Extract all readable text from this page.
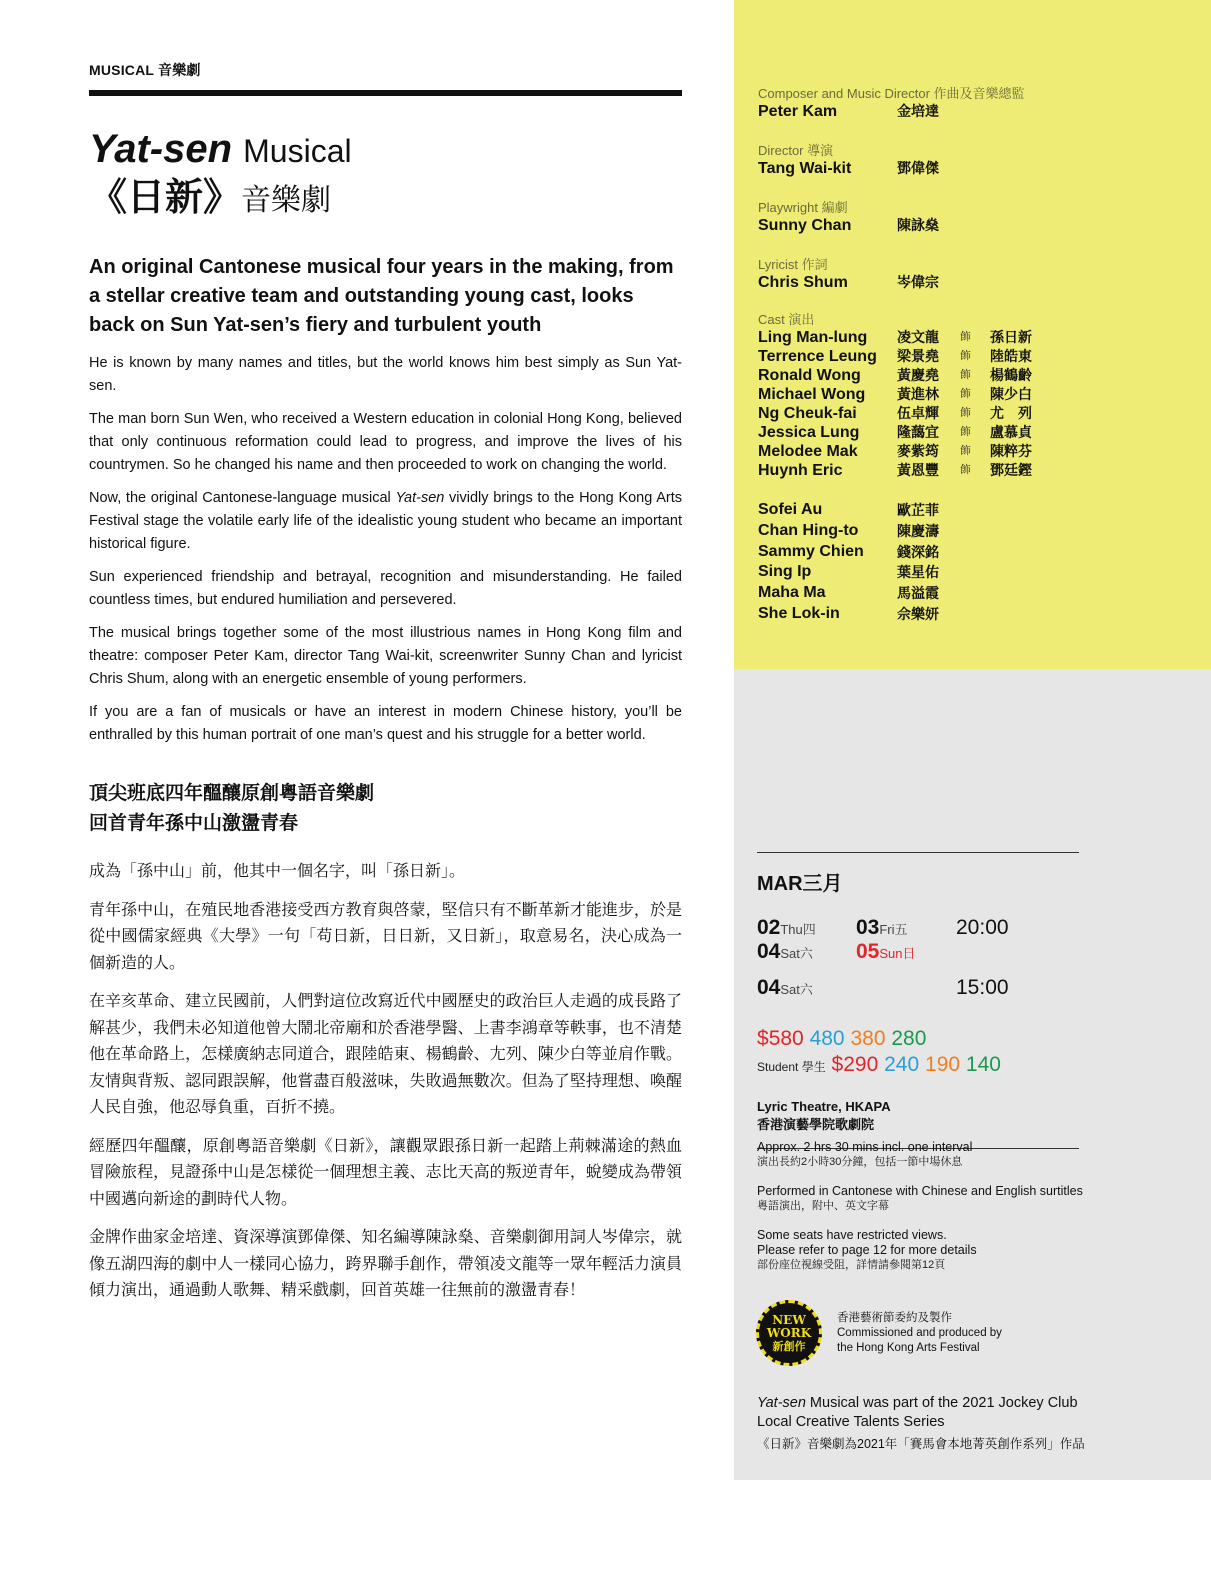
MUSICAL 音樂劇
Yat-sen Musical
《日新》音樂劇
An original Cantonese musical four years in the making, from a stellar creative team and outstanding young cast, looks back on Sun Yat-sen’s fiery and turbulent youth

He is known by many names and titles, but the world knows him best simply as Sun Yat-sen.

The man born Sun Wen, who received a Western education in colonial Hong Kong, believed that only continuous reformation could lead to progress, and improve the lives of his countrymen. So he changed his name and then proceeded to work on changing the world.

Now, the original Cantonese-language musical Yat-sen vividly brings to the Hong Kong Arts Festival stage the volatile early life of the idealistic young student who became an important historical figure.

Sun experienced friendship and betrayal, recognition and misunderstanding. He failed countless times, but endured humiliation and persevered.

The musical brings together some of the most illustrious names in Hong Kong film and theatre: composer Peter Kam, director Tang Wai-kit, screenwriter Sunny Chan and lyricist Chris Shum, along with an energetic ensemble of young performers.

If you are a fan of musicals or have an interest in modern Chinese history, you’ll be enthralled by this human portrait of one man’s quest and his struggle for a better world.

頂尖班底四年醞釀原創粵語音樂劇
回首青年孫中山激盪青春

成為「孫中山」前，他其中一個名字，叫「孫日新」。

青年孫中山，在殖民地香港接受西方教育與啓蒙，堅信只有不斷革新才能進步，於是從中國儒家經典《大學》一句「苟日新，日日新，又日新」，取意易名，決心成為一個新造的人。

在辛亥革命、建立民國前，人們對這位改寫近代中國歷史的政治巨人走過的成長路了解甚少，我們未必知道他曾大鬧北帝廟和於香港學醫、上書李鴻章等軼事，也不清楚他在革命路上，怎樣廣納志同道合，跟陸皓東、楊鶴齡、尢列、陳少白等並肩作戰。友情與背叛、認同跟誤解，他嘗盡百般滋味，失敗過無數次。但為了堅持理想、喚醒人民自強，他忍辱負重，百折不撓。

經歷四年醞釀，原創粵語音樂劇《日新》，讓觀眾跟孫日新一起踏上荊棘滿途的熱血冒險旅程，見證孫中山是怎樣從一個理想主義、志比天高的叛逆青年，蛻變成為帶領中國邁向新途的劃時代人物。

金牌作曲家金培達、資深導演鄧偉傑、知名編導陳詠燊、音樂劇御用詞人岑偉宗，就像五湖四海的劇中人一樣同心協力，跨界聯手創作，帶領凌文龍等一眾年輕活力演員傾力演出，通過動人歌舞、精采戲劇，回首英雄一往無前的激盪青春！

Composer and Music Director 作曲及音樂總監
Peter Kam	金培達
Director 導演
Tang Wai-kit	鄧偉傑
Playwright 編劇
Sunny Chan	陳詠燊
Lyricist 作詞
Chris Shum	岑偉宗
Cast 演出
Ling Man-lung	凌文龍	飾	孫日新
Terrence Leung	梁景堯	飾	陸皓東
Ronald Wong	黃慶堯	飾	楊鶴齡
Michael Wong	黃進林	飾	陳少白
Ng Cheuk-fai	伍卓輝	飾	尤　列
Jessica Lung	隆藹宜	飾	盧慕貞
Melodee Mak	麥紫筠	飾	陳粹芬
Huynh Eric	黃恩豐	飾	鄧廷鏗
Sofei Au	歐芷菲
Chan Hing-to	陳慶濤
Sammy Chien	錢深銘
Sing Ip	葉星佑
Maha Ma	馬溢霞
She Lok-in	佘樂妍
MAR三月
02Thu四 03Fri五 20:00
04Sat六 05Sun日
04Sat六	15:00
$580 480 380 280
Student 學生 $290 240 190 140
Lyric Theatre, HKAPA
香港演藝學院歌劇院
Approx. 2 hrs 30 mins incl. one interval
演出長約2小時30分鐘，包括一節中場休息
Performed in Cantonese with Chinese and English surtitles
粵語演出，附中、英文字幕
Some seats have restricted views.
Please refer to page 12 for more details
部份座位視線受阻，詳情請參閱第12頁
NEW
WORK
新創作
香港藝術節委約及製作
Commissioned and produced by
the Hong Kong Arts Festival
Yat-sen Musical was part of the 2021 Jockey Club Local Creative Talents Series
《日新》音樂劇為2021年「賽馬會本地菁英創作系列」作品
